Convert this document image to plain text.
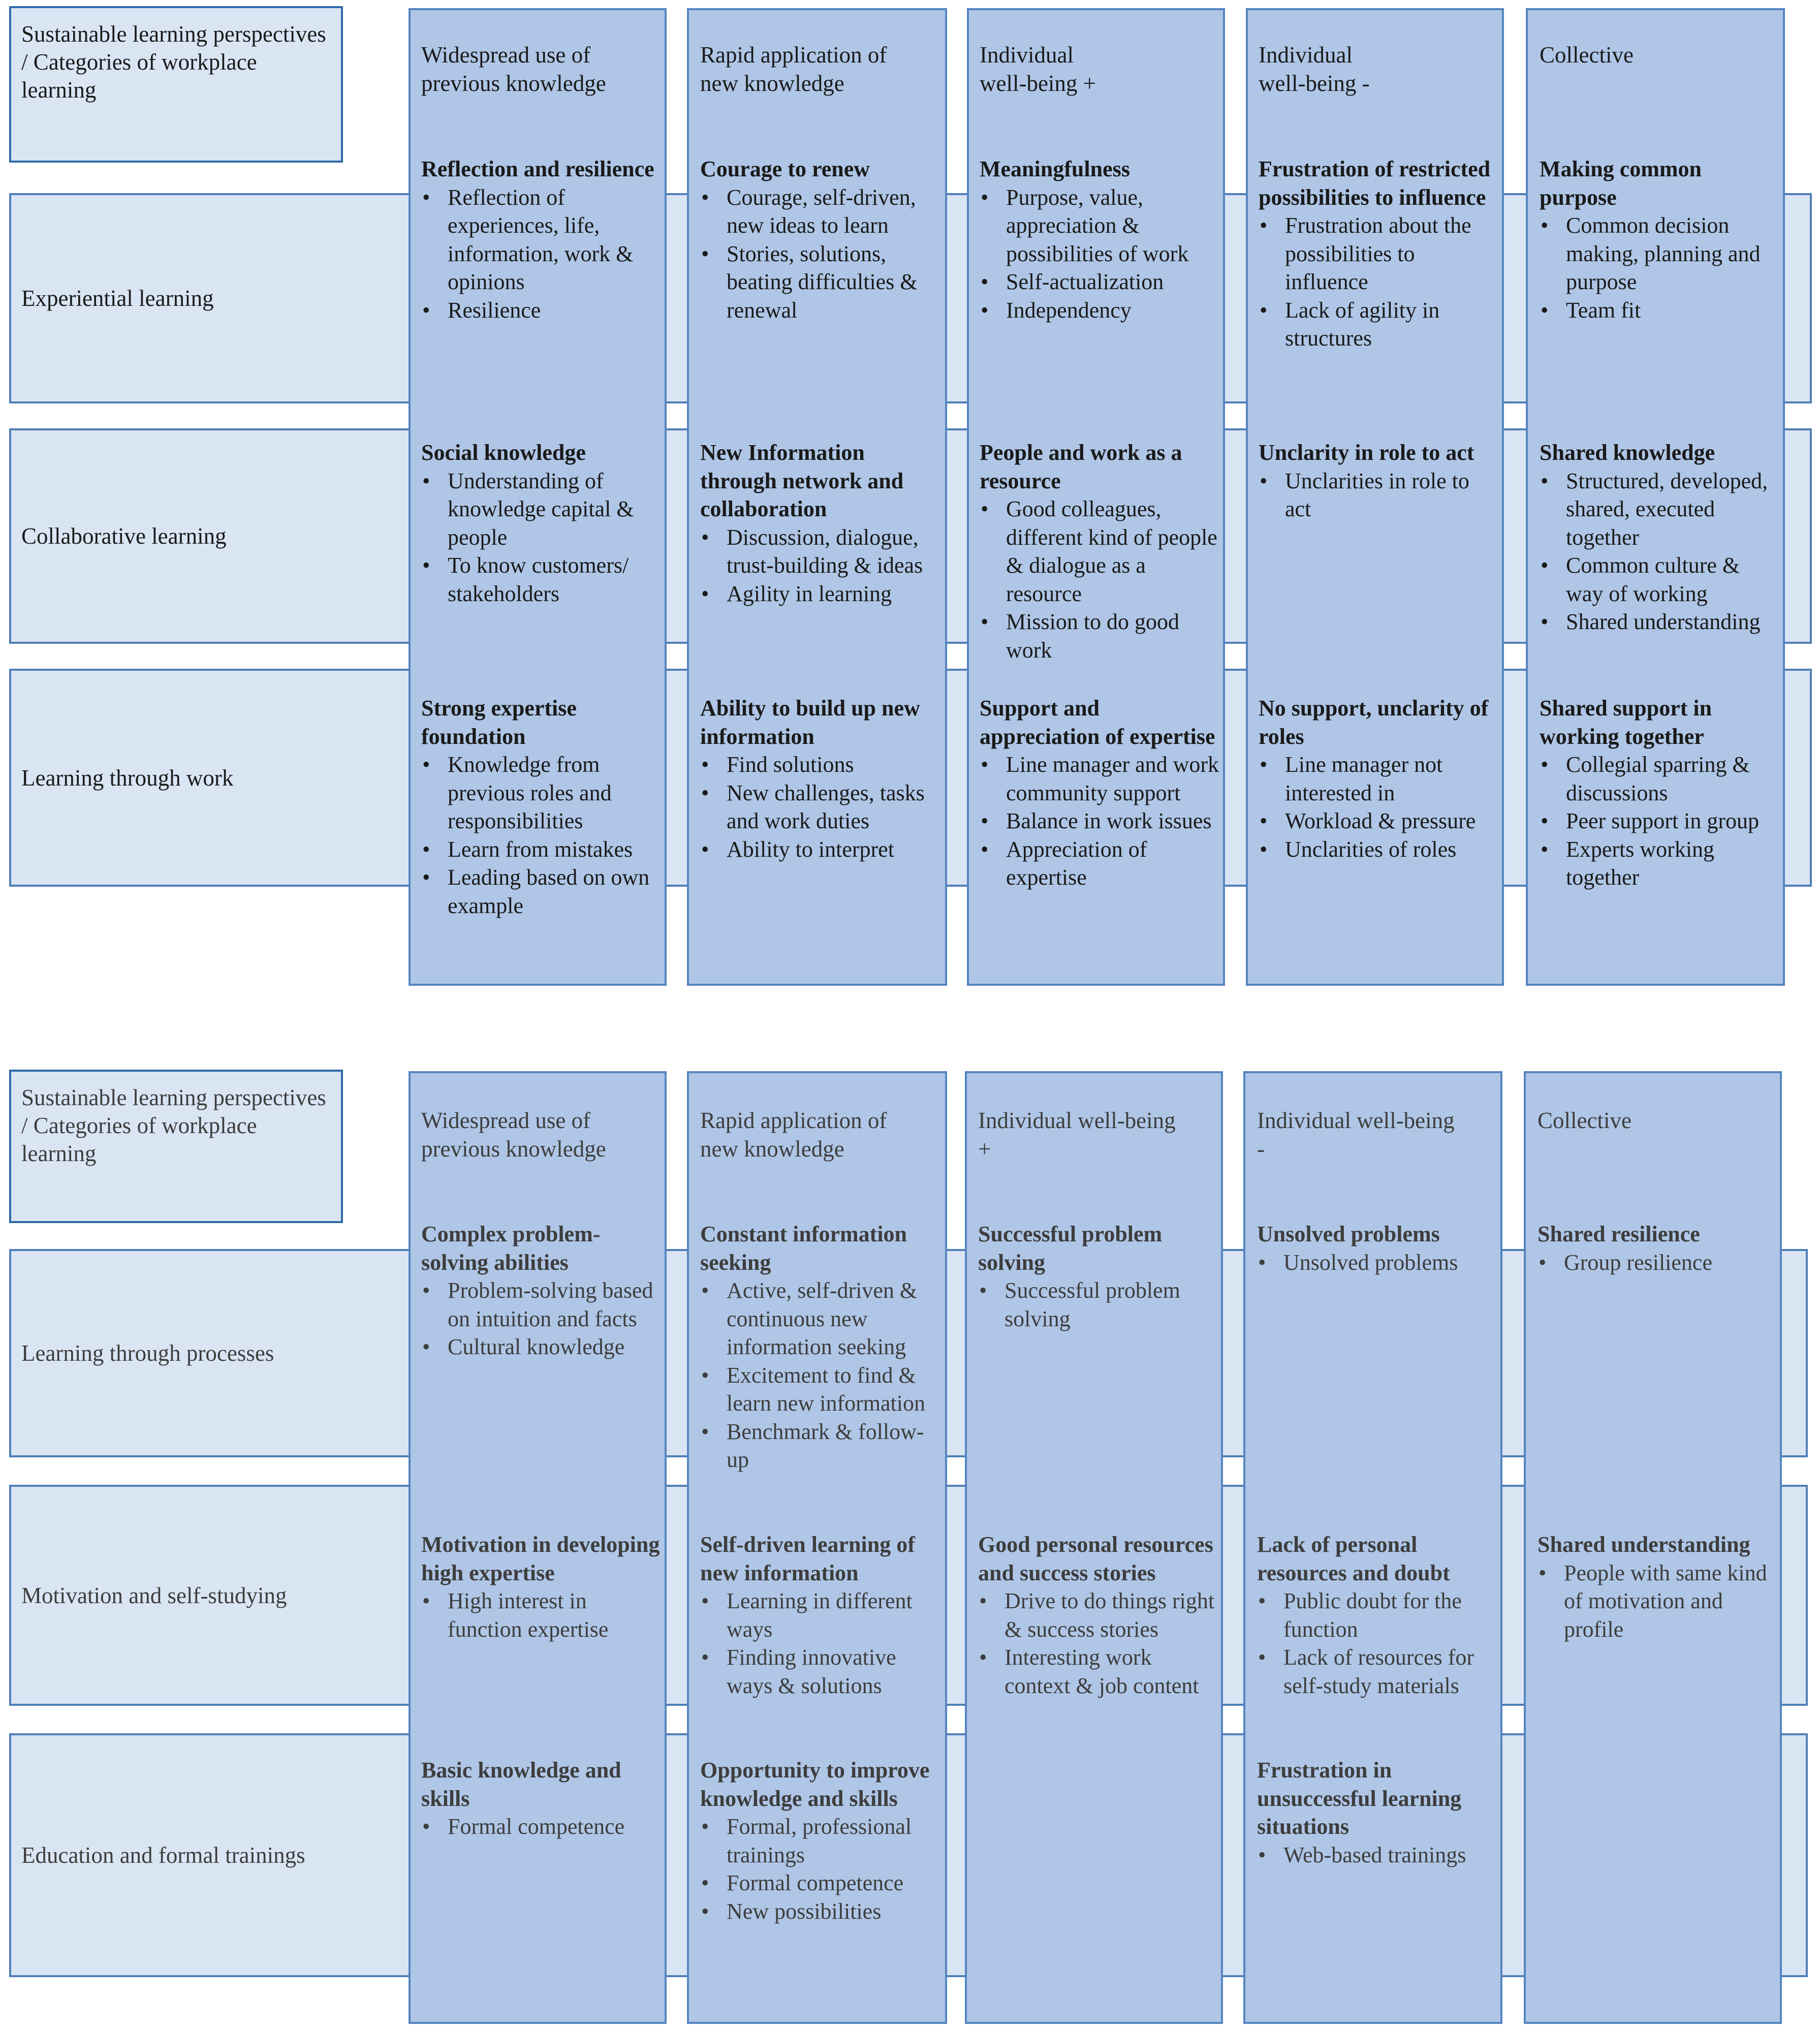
Experiential learning
Collaborative learning
Learning through work
Sustainable learning perspectives / Categories of workplace learning
Widespread use of
previous knowledge
Rapid application of
new knowledge
Individual
well-being +
Individual
well-being -
Collective
Reflection and resilience
• Reflection of experiences, life, information, work & opinions
• Resilience
Courage to renew
• Courage, self-driven, new ideas to learn
• Stories, solutions, beating difficulties & renewal
Meaningfulness
• Purpose, value, appreciation & possibilities of work
• Self-actualization
• Independency
Frustration of restricted possibilities to influence
• Frustration about the possibilities to influence
• Lack of agility in structures
Making common purpose
• Common decision making, planning and purpose
• Team fit
Social knowledge
• Understanding of knowledge capital & people
• To know customers/ stakeholders
New Information through network and collaboration
• Discussion, dialogue, trust-building & ideas
• Agility in learning
People and work as a resource
• Good colleagues, different kind of people & dialogue as a resource
• Mission to do good work
Unclarity in role to act
• Unclarities in role to act
Shared knowledge
• Structured, developed, shared, executed together
• Common culture & way of working
• Shared understanding
Strong expertise foundation
• Knowledge from previous roles and responsibilities
• Learn from mistakes
• Leading based on own example
Ability to build up new information
• Find solutions
• New challenges, tasks and work duties
• Ability to interpret
Support and appreciation of expertise
• Line manager and work community support
• Balance in work issues
• Appreciation of expertise
No support, unclarity of roles
• Line manager not interested in
• Workload & pressure
• Unclarities of roles
Shared support in working together
• Collegial sparring & discussions
• Peer support in group
• Experts working together
Learning through processes
Motivation and self-studying
Education and formal trainings
Sustainable learning perspectives / Categories of workplace learning
Widespread use of
previous knowledge
Rapid application of
new knowledge
Individual well-being
+
Individual well-being
-
Collective
Complex problem-solving abilities
• Problem-solving based on intuition and facts
• Cultural knowledge
Constant information seeking
• Active, self-driven & continuous new information seeking
• Excitement to find & learn new information
• Benchmark & follow-up
Successful problem solving
• Successful problem solving
Unsolved problems
• Unsolved problems
Shared resilience
• Group resilience
Motivation in developing high expertise
• High interest in function expertise
Self-driven learning of new information
• Learning in different ways
• Finding innovative ways & solutions
Good personal resources and success stories
• Drive to do things right & success stories
• Interesting work context & job content
Lack of personal resources and doubt
• Public doubt for the function
• Lack of resources for self-study materials
Shared understanding
• People with same kind of motivation and profile
Basic knowledge and skills
• Formal competence
Opportunity to improve knowledge and skills
• Formal, professional trainings
• Formal competence
• New possibilities
Frustration in unsuccessful learning situations
• Web-based trainings
